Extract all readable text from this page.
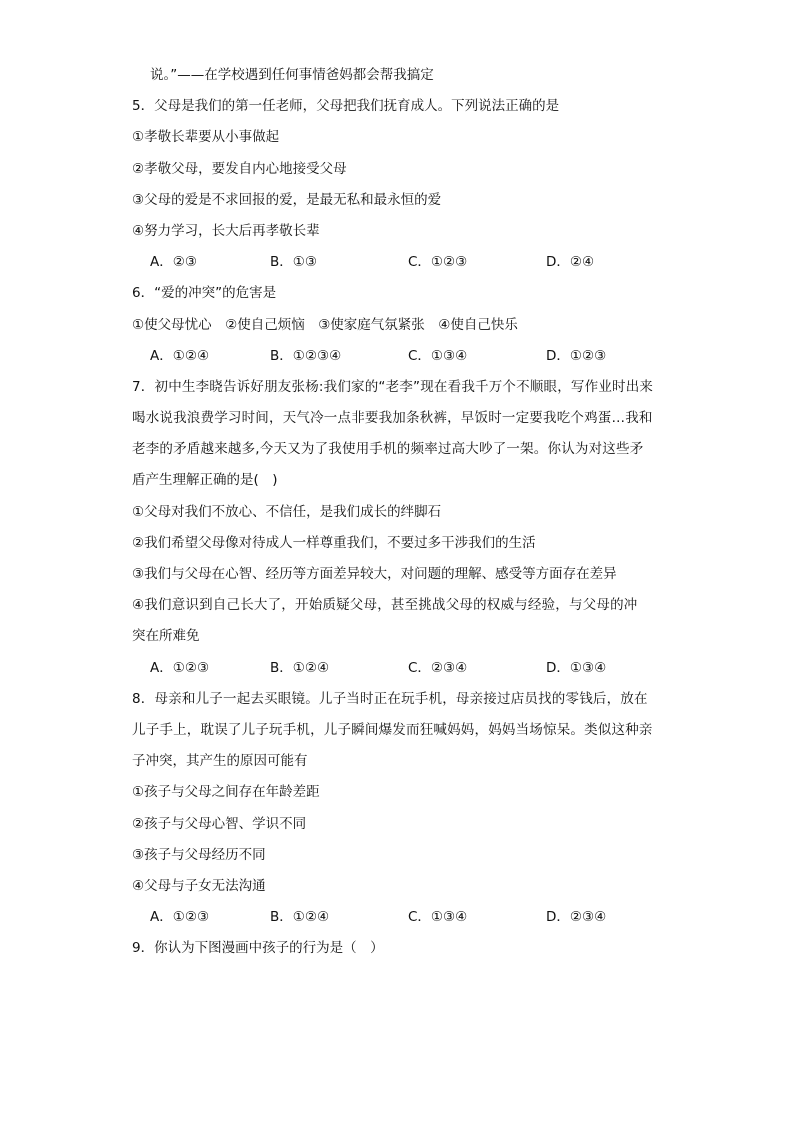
说。”——在学校遇到任何事情爸妈都会帮我搞定
5．父母是我们的第一任老师，父母把我们抚育成人。下列说法正确的是
①孝敬长辈要从小事做起
②孝敬父母，要发自内心地接受父母
③父母的爱是不求回报的爱，是最无私和最永恒的爱
④努力学习，长大后再孝敬长辈
A．②③	B．①③	C．①②③	D．②④
6．“爱的冲突”的危害是
①使父母忧心　②使自己烦恼　③使家庭气氛紧张　④使自己快乐
A．①②④	B．①②③④	C．①③④	D．①②③
7．初中生李晓告诉好朋友张杨:我们家的“老李”现在看我千万个不顺眼，写作业时出来
喝水说我浪费学习时间，天气冷一点非要我加条秋裤，早饭时一定要我吃个鸡蛋…我和
老李的矛盾越来越多,今天又为了我使用手机的频率过高大吵了一架。你认为对这些矛
盾产生理解正确的是(　)
①父母对我们不放心、不信任，是我们成长的绊脚石
②我们希望父母像对待成人一样尊重我们，不要过多干涉我们的生活
③我们与父母在心智、经历等方面差异较大，对问题的理解、感受等方面存在差异
④我们意识到自己长大了，开始质疑父母，甚至挑战父母的权威与经验，与父母的冲
突在所难免
A．①②③	B．①②④	C．②③④	D．①③④
8．母亲和儿子一起去买眼镜。儿子当时正在玩手机，母亲接过店员找的零钱后，放在
儿子手上，耽误了儿子玩手机，儿子瞬间爆发而狂喊妈妈，妈妈当场惊呆。类似这种亲
子冲突，其产生的原因可能有
①孩子与父母之间存在年龄差距
②孩子与父母心智、学识不同
③孩子与父母经历不同
④父母与子女无法沟通
A．①②③	B．①②④	C．①③④	D．②③④
9．你认为下图漫画中孩子的行为是（　）
